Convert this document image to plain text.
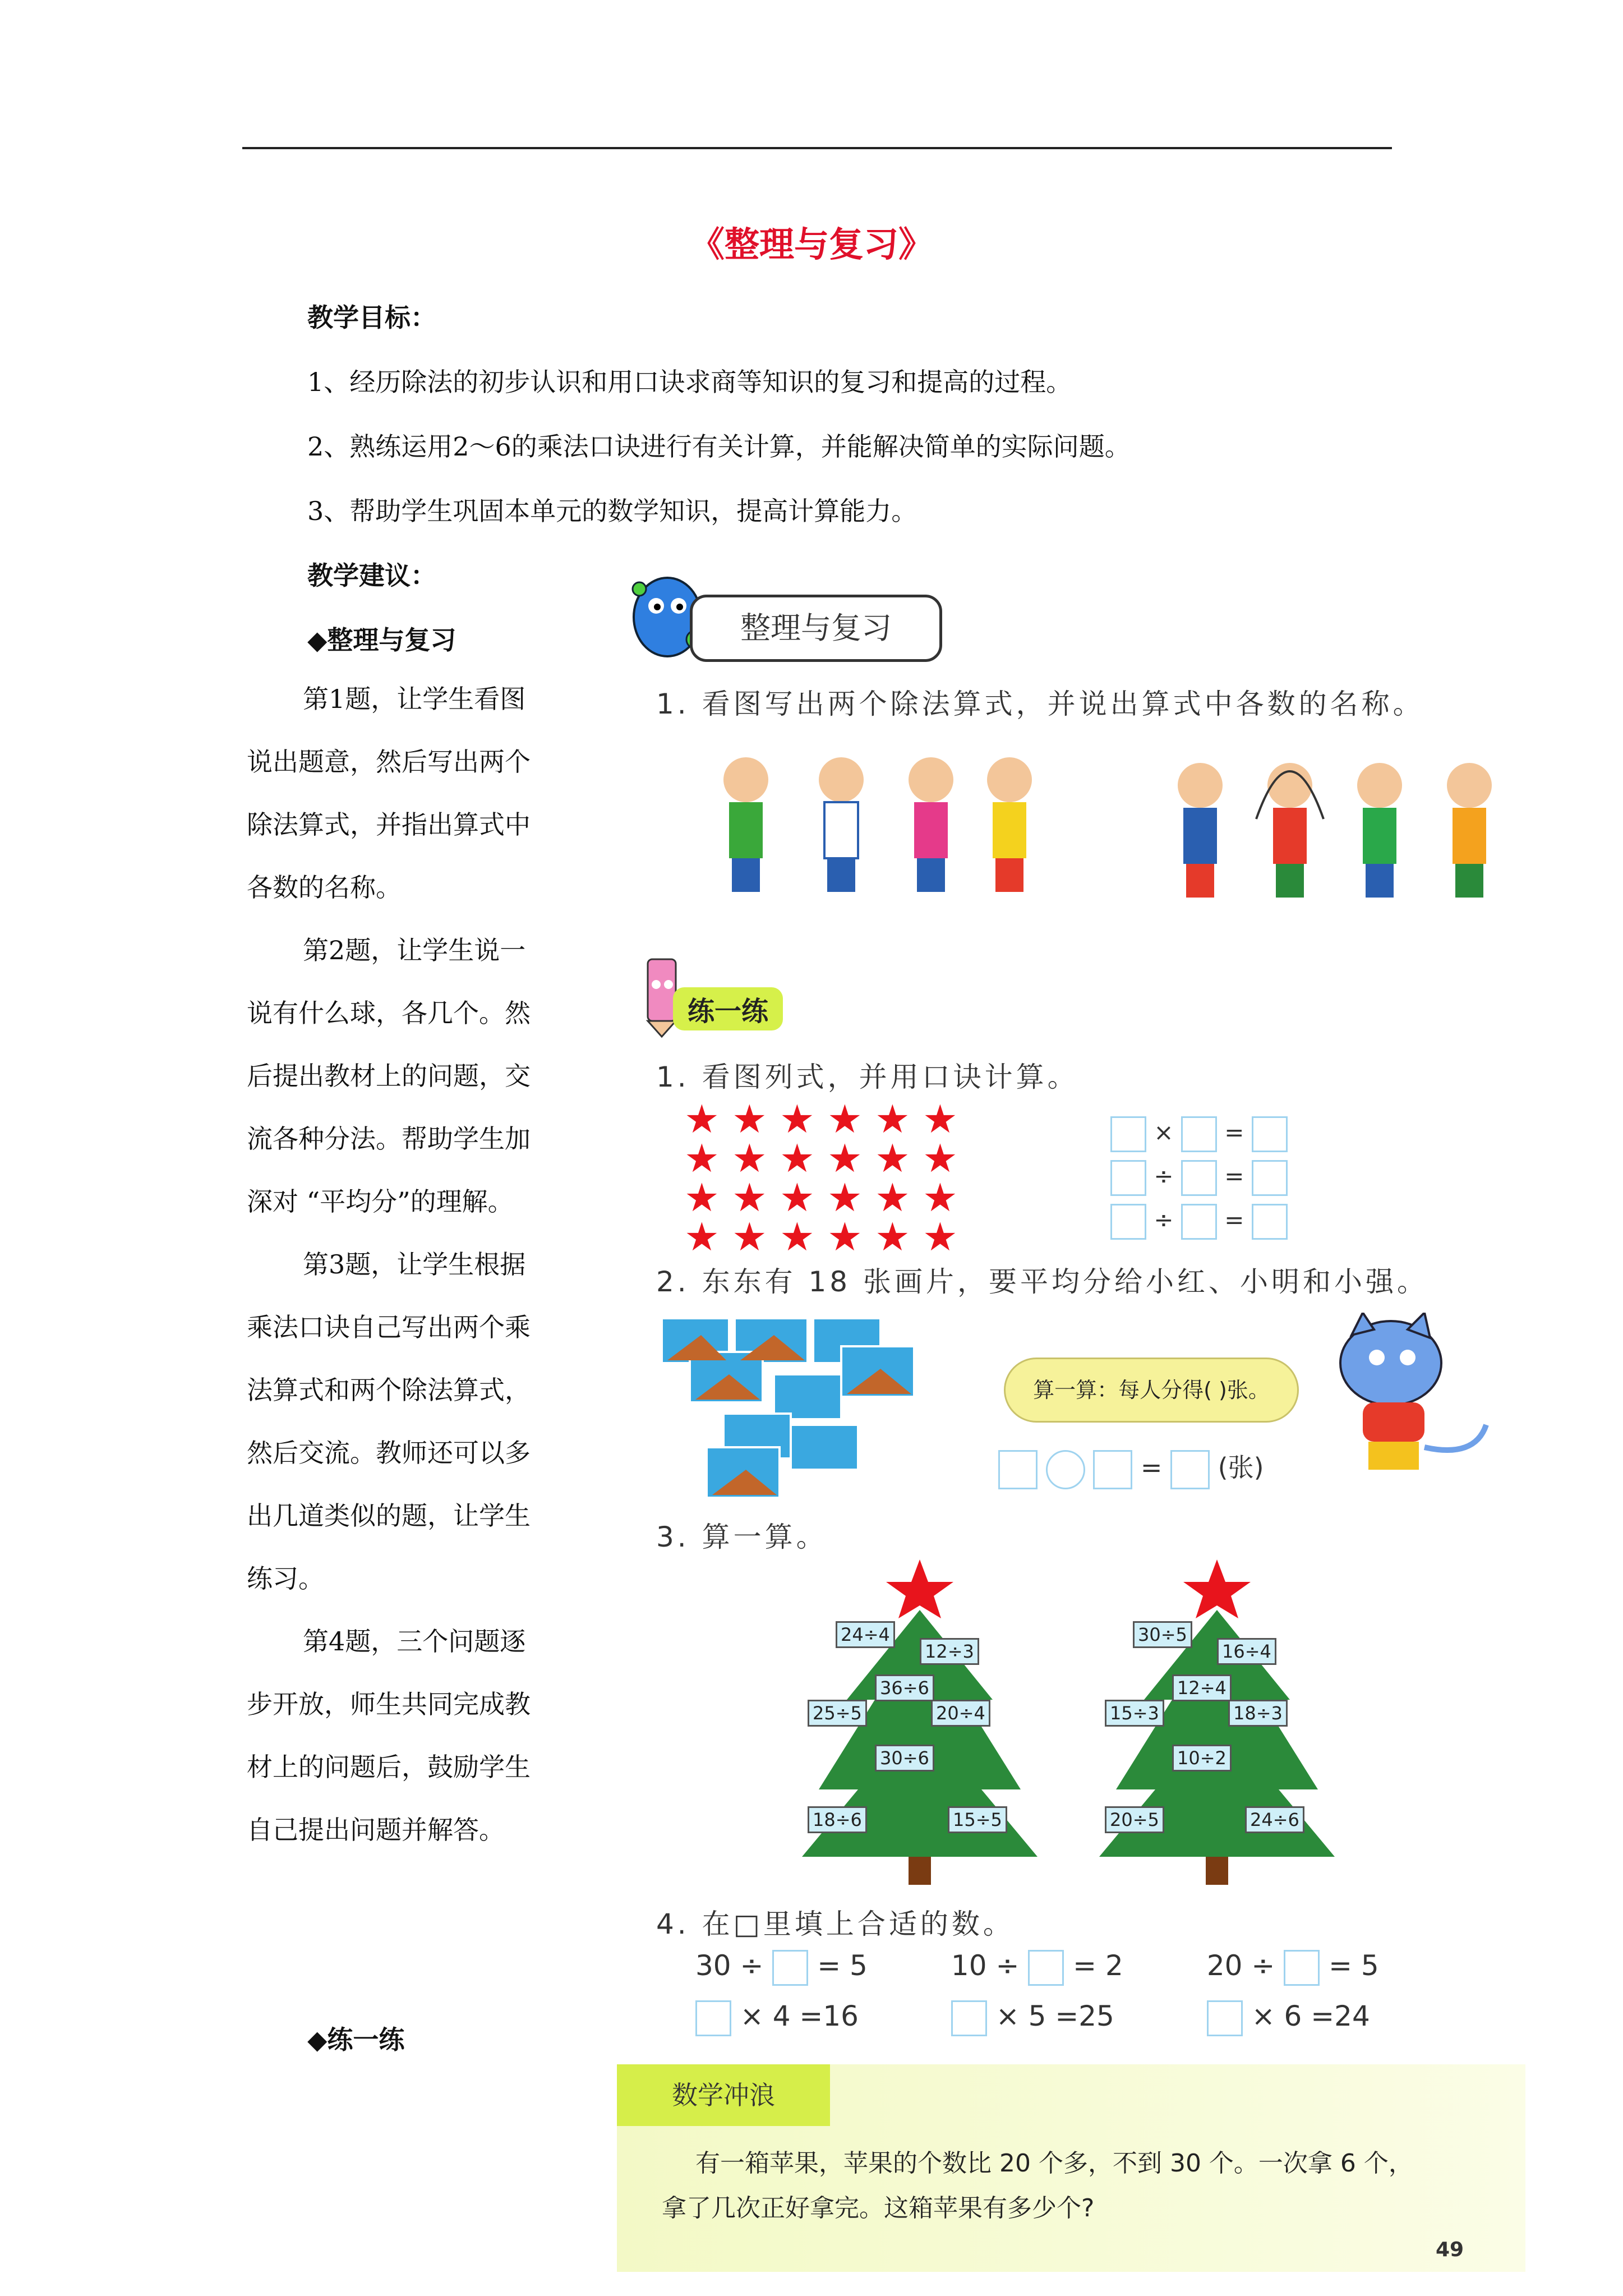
《整理与复习》
教学目标：
1、经历除法的初步认识和用口诀求商等知识的复习和提高的过程。
2、熟练运用2～6的乘法口诀进行有关计算，并能解决简单的实际问题。
3、帮助学生巩固本单元的数学知识，提高计算能力。
教学建议：
◆整理与复习

第1题，让学生看图

说出题意，然后写出两个

除法算式，并指出算式中

各数的名称。

第2题，让学生说一

说有什么球，各几个。然

后提出教材上的问题，交

流各种分法。帮助学生加

深对 “平均分”的理解。

第3题，让学生根据

乘法口诀自己写出两个乘

法算式和两个除法算式，

然后交流。教师还可以多

出几道类似的题，让学生

练习。

第4题，三个问题逐

步开放，师生共同完成教

材上的问题后，鼓励学生

自己提出问题并解答。

◆练一练
整理与复习
1. 看图写出两个除法算式，并说出算式中各数的名称。
练一练
1. 看图列式，并用口诀计算。
★ ★ ★ ★ ★ ★
★ ★ ★ ★ ★ ★
★ ★ ★ ★ ★ ★
★ ★ ★ ★ ★ ★
× =
÷ =
÷ =
2. 东东有 18 张画片，要平均分给小红、小明和小强。
算一算：每人分得( )张。
= (张)
3. 算一算。
24÷4
12÷3
36÷6
25÷5	20÷4
30÷6
18÷6	15÷5
30÷5
16÷4
12÷4
15÷3	18÷3
10÷2
20÷5	24÷6
4. 在□里填上合适的数。
30 ÷ = 5	10 ÷ = 2	20 ÷ = 5
× 4 =16	× 5 =25	× 6 =24
数学冲浪
有一箱苹果，苹果的个数比 20 个多，不到 30 个。一次拿 6 个，
拿了几次正好拿完。这箱苹果有多少个?
49
